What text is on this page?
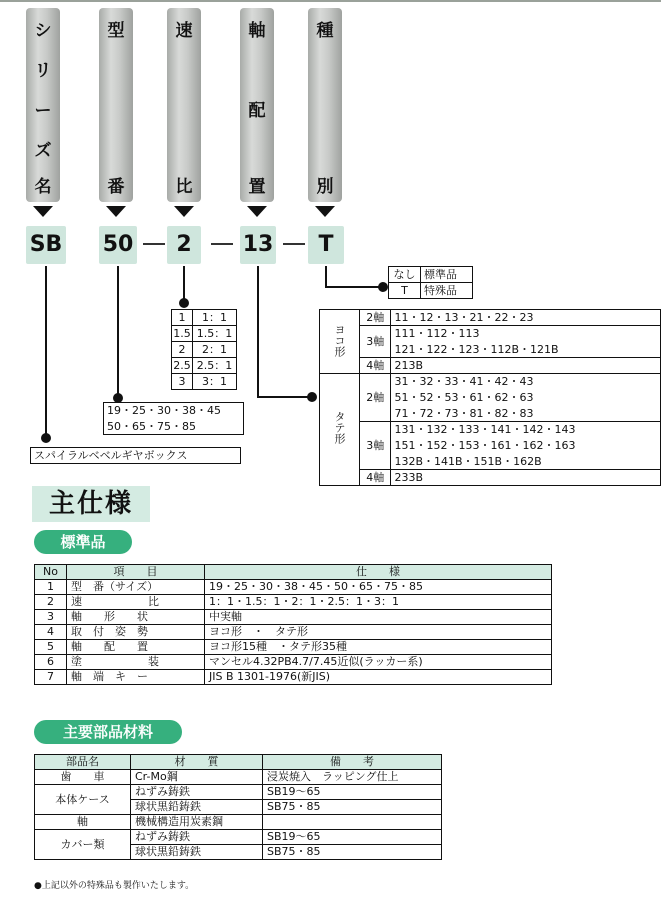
シ
リ
ー
ズ
名
型
番
速
比
軸
配
置
種
別
SB 50	2	13	T
なし	標準品
T	特殊品
1	1：1
1.5	1.5：1
2	2：1
2.5	2.5：1
3	3：1
19・25・30・38・45
50・65・75・85
スパイラルベベルギヤボックス
ヨコ形	2軸	11・12・13・21・22・23
	3軸	111・112・113
		121・122・123・112B・121B
	4軸	213B
タテ形	2軸	31・32・33・41・42・43
		51・52・53・61・62・63
		71・72・73・81・82・83
	3軸	131・132・133・141・142・143
		151・152・153・161・162・163
		132B・141B・151B・162B
	4軸	233B
主仕様
標準品
No	項　　目	仕　　様
1	型　番（サイズ）	19・25・30・38・45・50・65・75・85
2	速　　　　　　比	1：1・1.5：1・2：1・2.5：1・3：1
3	軸　　形　　状	中実軸
4	取　付　姿　勢	ヨコ形　・　タテ形
5	軸　　配　　置	ヨコ形15種　・タテ形35種
6	塗　　　　　　装	マンセル4.32PB4.7/7.45近似(ラッカー系)
7	軸　端　キ　ー	JIS B 1301-1976(新JIS)
主要部品材料
部品名	材　　質	備　　考
歯　　車	Cr-Mo鋼	浸炭焼入　ラッピング仕上
本体ケース	ねずみ鋳鉄	SB19～65
	球状黒鉛鋳鉄	SB75・85
軸	機械構造用炭素鋼	
カバー類	ねずみ鋳鉄	SB19～65
	球状黒鉛鋳鉄	SB75・85
●上記以外の特殊品も製作いたします。
